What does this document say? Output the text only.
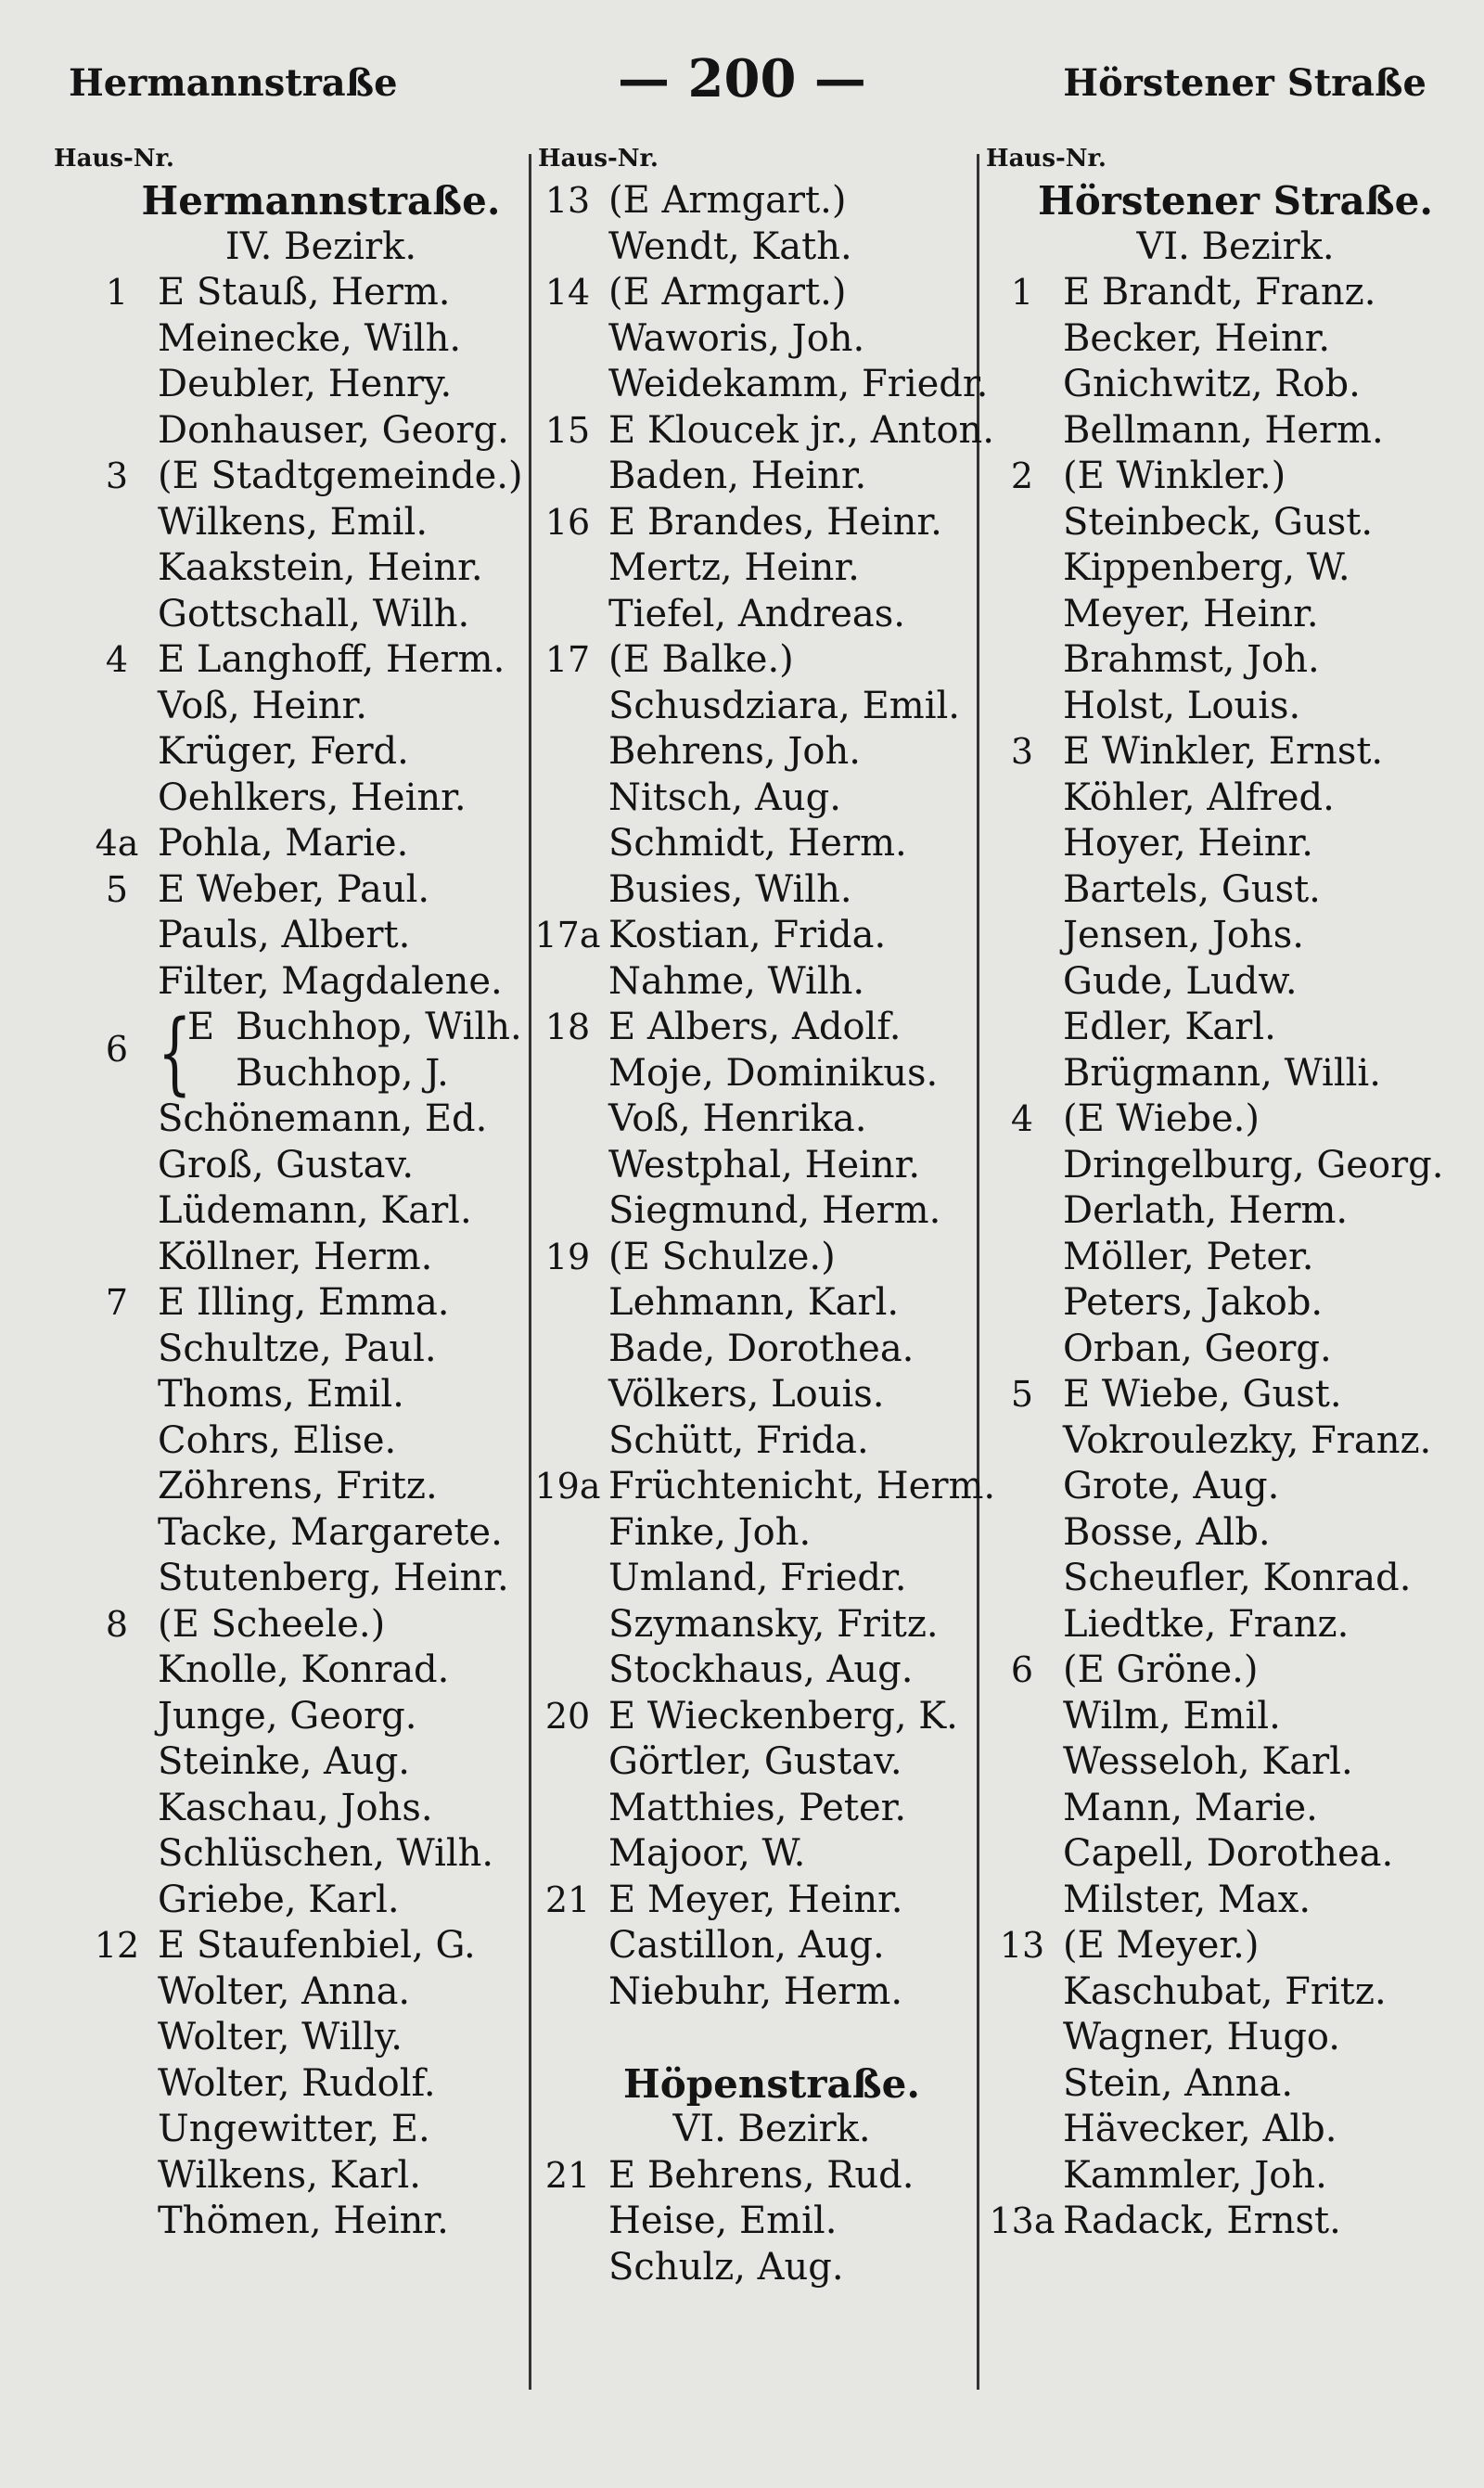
Hermannstraße	— 200 —	Hörstener Straße
Haus-Nr.	Haus-Nr.	Haus-Nr.
Hermannstraße.
IV. Bezirk.
1 E Stauß, Herm.
Meinecke, Wilh.
Deubler, Henry.
Donhauser, Georg.
3 (E Stadtgemeinde.)
Wilkens, Emil.
Kaakstein, Heinr.
Gottschall, Wilh.
4 E Langhoff, Herm.
Voß, Heinr.
Krüger, Ferd.
Oehlkers, Heinr.
4a Pohla, Marie.
5 E Weber, Paul.
Pauls, Albert.
Filter, Magdalene.
6 {
E Buchhop, Wilh.
Buchhop, J.
Schönemann, Ed.
Groß, Gustav.
Lüdemann, Karl.
Köllner, Herm.
7 E Illing, Emma.
Schultze, Paul.
Thoms, Emil.
Cohrs, Elise.
Zöhrens, Fritz.
Tacke, Margarete.
Stutenberg, Heinr.
8 (E Scheele.)
Knolle, Konrad.
Junge, Georg.
Steinke, Aug.
Kaschau, Johs.
Schlüschen, Wilh.
Griebe, Karl.
12 E Staufenbiel, G.
Wolter, Anna.
Wolter, Willy.
Wolter, Rudolf.
Ungewitter, E.
Wilkens, Karl.
Thömen, Heinr.
13 (E Armgart.)
Wendt, Kath.
14 (E Armgart.)
Waworis, Joh.
Weidekamm, Friedr.
15 E Kloucek jr., Anton.
Baden, Heinr.
16 E Brandes, Heinr.
Mertz, Heinr.
Tiefel, Andreas.
17 (E Balke.)
Schusdziara, Emil.
Behrens, Joh.
Nitsch, Aug.
Schmidt, Herm.
Busies, Wilh.
17a Kostian, Frida.
Nahme, Wilh.
18 E Albers, Adolf.
Moje, Dominikus.
Voß, Henrika.
Westphal, Heinr.
Siegmund, Herm.
19 (E Schulze.)
Lehmann, Karl.
Bade, Dorothea.
Völkers, Louis.
Schütt, Frida.
19a Früchtenicht, Herm.
Finke, Joh.
Umland, Friedr.
Szymansky, Fritz.
Stockhaus, Aug.
20 E Wieckenberg, K.
Görtler, Gustav.
Matthies, Peter.
Majoor, W.
21 E Meyer, Heinr.
Castillon, Aug.
Niebuhr, Herm.
Höpenstraße.
VI. Bezirk.
21 E Behrens, Rud.
Heise, Emil.
Schulz, Aug.
Hörstener Straße.
VI. Bezirk.
1 E Brandt, Franz.
Becker, Heinr.
Gnichwitz, Rob.
Bellmann, Herm.
2 (E Winkler.)
Steinbeck, Gust.
Kippenberg, W.
Meyer, Heinr.
Brahmst, Joh.
Holst, Louis.
3 E Winkler, Ernst.
Köhler, Alfred.
Hoyer, Heinr.
Bartels, Gust.
Jensen, Johs.
Gude, Ludw.
Edler, Karl.
Brügmann, Willi.
4 (E Wiebe.)
Dringelburg, Georg.
Derlath, Herm.
Möller, Peter.
Peters, Jakob.
Orban, Georg.
5 E Wiebe, Gust.
Vokroulezky, Franz.
Grote, Aug.
Bosse, Alb.
Scheufler, Konrad.
Liedtke, Franz.
6 (E Gröne.)
Wilm, Emil.
Wesseloh, Karl.
Mann, Marie.
Capell, Dorothea.
Milster, Max.
13 (E Meyer.)
Kaschubat, Fritz.
Wagner, Hugo.
Stein, Anna.
Hävecker, Alb.
Kammler, Joh.
13a Radack, Ernst.
